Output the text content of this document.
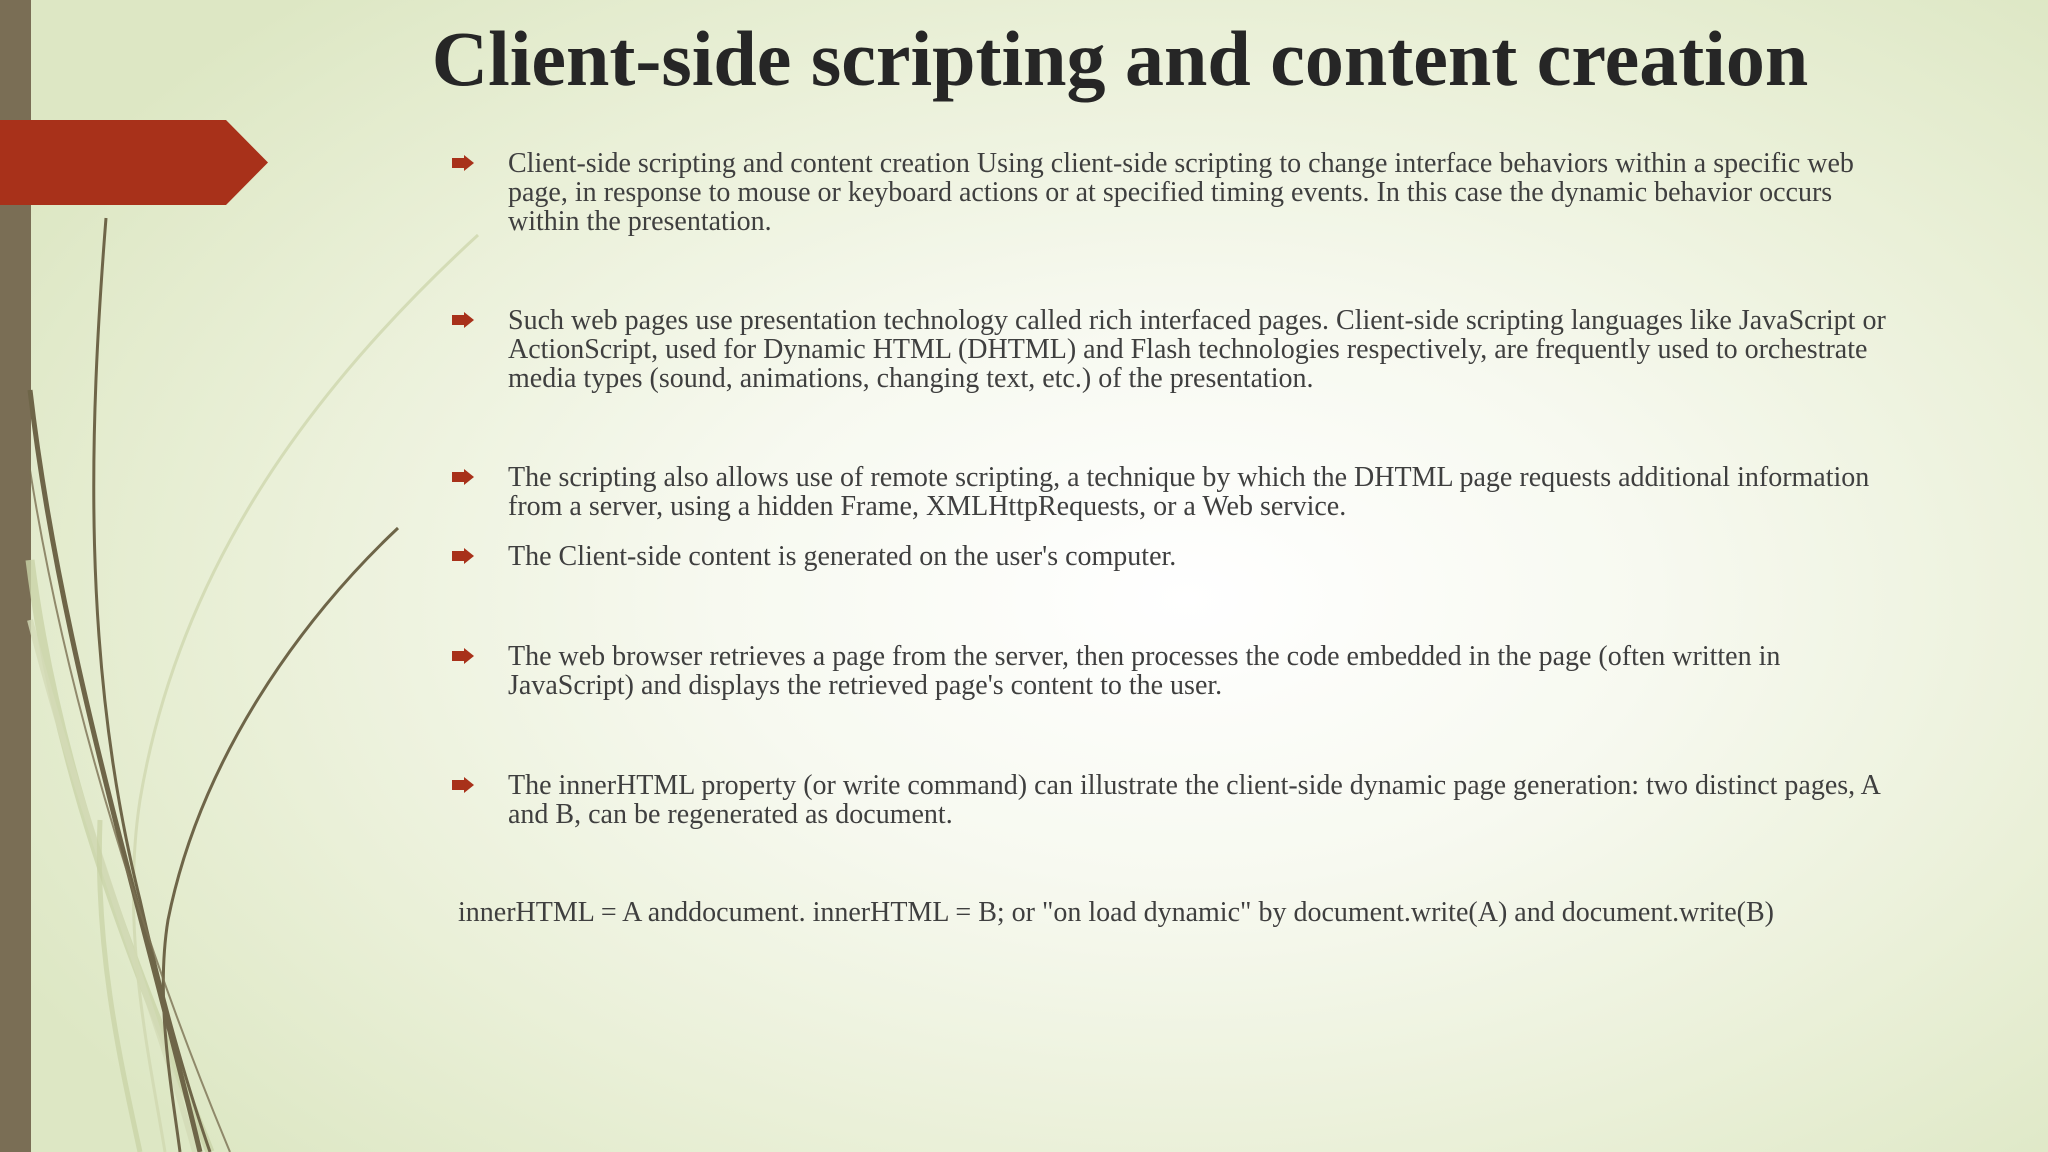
Client-side scripting and content creation
Client-side scripting and content creation Using client-side scripting to change interface behaviors within a specific web page, in response to mouse or keyboard actions or at specified timing events. In this case the dynamic behavior occurs within the presentation.
Such web pages use presentation technology called rich interfaced pages. Client-side scripting languages like JavaScript or ActionScript, used for Dynamic HTML (DHTML) and Flash technologies respectively, are frequently used to orchestrate media types (sound, animations, changing text, etc.) of the presentation.
The scripting also allows use of remote scripting, a technique by which the DHTML page requests additional information from a server, using a hidden Frame, XMLHttpRequests, or a Web service.
The Client-side content is generated on the user's computer.
The web browser retrieves a page from the server, then processes the code embedded in the page (often written in JavaScript) and displays the retrieved page's content to the user.
The innerHTML property (or write command) can illustrate the client-side dynamic page generation: two distinct pages, A and B, can be regenerated as document.
innerHTML = A anddocument. innerHTML = B; or "on load dynamic" by document.write(A) and document.write(B)
